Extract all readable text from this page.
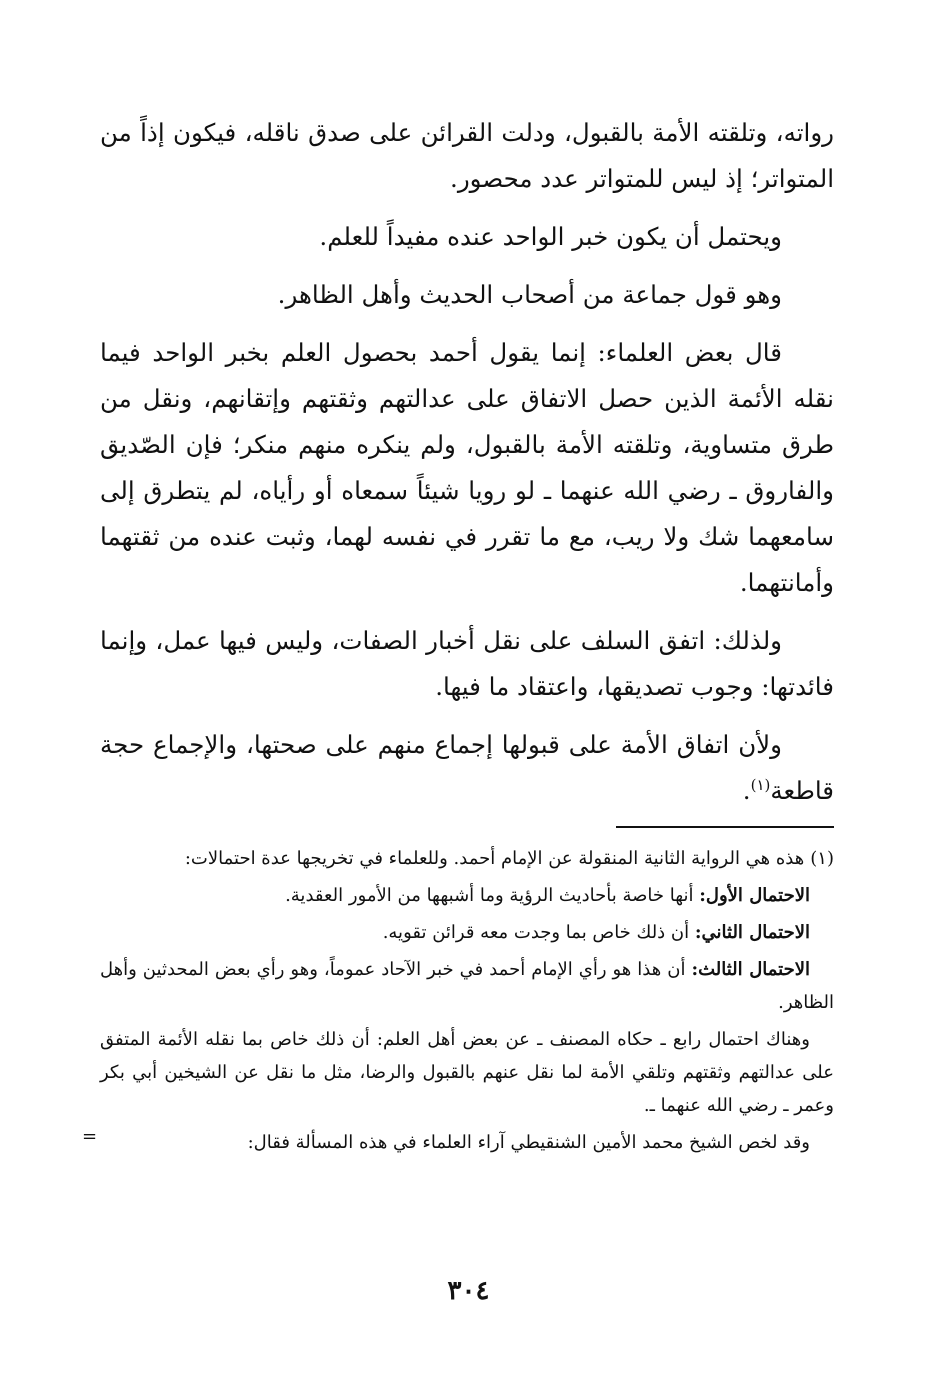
رواته، وتلقته الأمة بالقبول، ودلت القرائن على صدق ناقله، فيكون إذاً من المتواتر؛ إذ ليس للمتواتر عدد محصور.

ويحتمل أن يكون خبر الواحد عنده مفيداً للعلم.

وهو قول جماعة من أصحاب الحديث وأهل الظاهر.

قال بعض العلماء: إنما يقول أحمد بحصول العلم بخبر الواحد فيما نقله الأئمة الذين حصل الاتفاق على عدالتهم وثقتهم وإتقانهم، ونقل من طرق متساوية، وتلقته الأمة بالقبول، ولم ينكره منهم منكر؛ فإن الصّديق والفاروق ـ رضي الله عنهما ـ لو رويا شيئاً سمعاه أو رأياه، لم يتطرق إلى سامعهما شك ولا ريب، مع ما تقرر في نفسه لهما، وثبت عنده من ثقتهما وأمانتهما.

ولذلك: اتفق السلف على نقل أخبار الصفات، وليس فيها عمل، وإنما فائدتها: وجوب تصديقها، واعتقاد ما فيها.

ولأن اتفاق الأمة على قبولها إجماع منهم على صحتها، والإجماع حجة قاطعة$^{(١)}$.

(١)هذه هي الرواية الثانية المنقولة عن الإمام أحمد. وللعلماء في تخريجها عدة احتمالات:

الاحتمال الأول: أنها خاصة بأحاديث الرؤية وما أشبهها من الأمور العقدية.

الاحتمال الثاني: أن ذلك خاص بما وجدت معه قرائن تقويه.

الاحتمال الثالث: أن هذا هو رأي الإمام أحمد في خبر الآحاد عموماً، وهو رأي بعض المحدثين وأهل الظاهر.

وهناك احتمال رابع ـ حكاه المصنف ـ عن بعض أهل العلم: أن ذلك خاص بما نقله الأئمة المتفق على عدالتهم وثقتهم وتلقي الأمة لما نقل عنهم بالقبول والرضا، مثل ما نقل عن الشيخين أبي بكر وعمر ـ رضي الله عنهما ـ.

وقد لخص الشيخ محمد الأمين الشنقيطي آراء العلماء في هذه المسألة فقال:

=
٣٠٤
